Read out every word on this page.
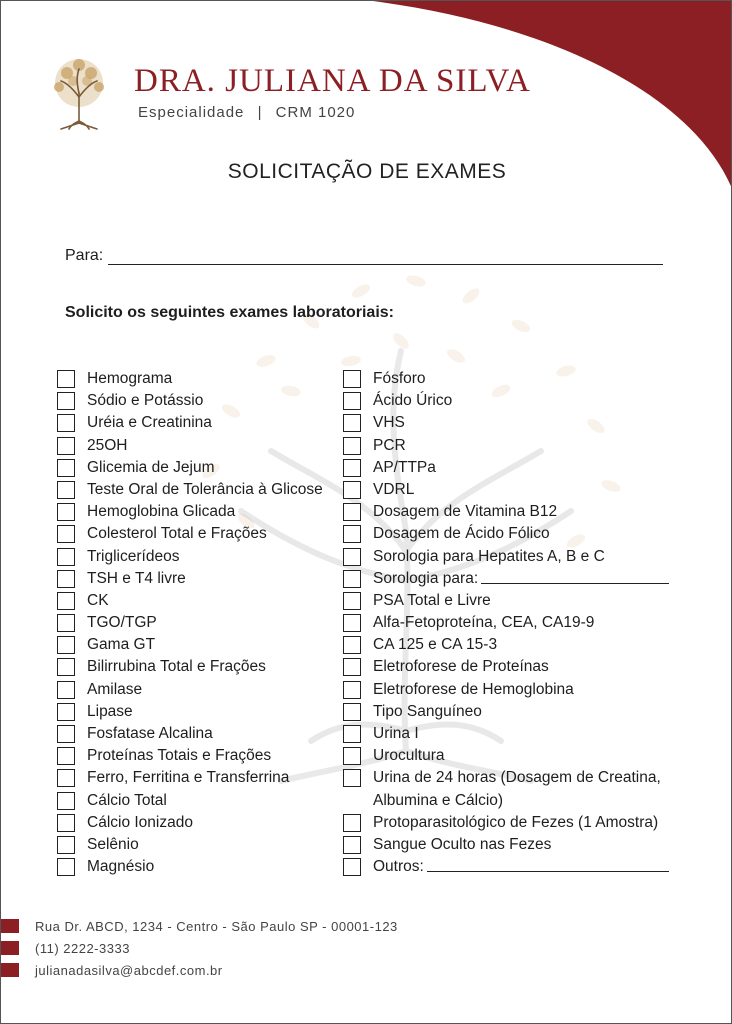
DRA. JULIANA DA SILVA
Especialidade | CRM 1020
SOLICITAÇÃO DE EXAMES
Para:
Solicito os seguintes exames laboratoriais:
Hemograma
Sódio e Potássio
Uréia e Creatinina
25OH
Glicemia de Jejum
Teste Oral de Tolerância à Glicose
Hemoglobina Glicada
Colesterol Total e Frações
Triglicerídeos
TSH e T4 livre
CK
TGO/TGP
Gama GT
Bilirrubina Total e Frações
Amilase
Lipase
Fosfatase Alcalina
Proteínas Totais e Frações
Ferro, Ferritina e Transferrina
Cálcio Total
Cálcio Ionizado
Selênio
Magnésio
Fósforo
Ácido Úrico
VHS
PCR
AP/TTPa
VDRL
Dosagem de Vitamina B12
Dosagem de Ácido Fólico
Sorologia para Hepatites A, B e C
Sorologia para:
PSA Total e Livre
Alfa-Fetoproteína, CEA, CA19-9
CA 125 e CA 15-3
Eletroforese de Proteínas
Eletroforese de Hemoglobina
Tipo Sanguíneo
Urina I
Urocultura
Urina de 24 horas (Dosagem de Creatina, Albumina e Cálcio)
Protoparasitológico de Fezes (1 Amostra)
Sangue Oculto nas Fezes
Outros:
Rua Dr. ABCD, 1234 - Centro - São Paulo SP - 00001-123
(11) 2222-3333
julianadasilva@abcdef.com.br
